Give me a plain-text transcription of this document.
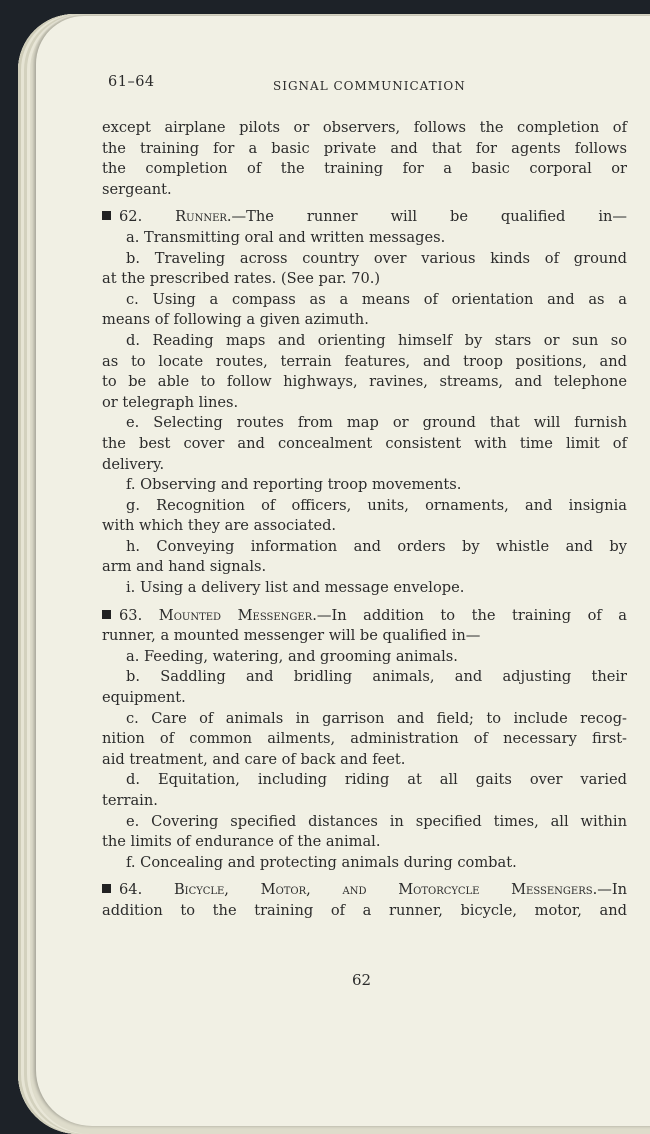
61–64	SIGNAL COMMUNICATION
except airplane pilots or observers, follows the completion of
the training for a basic private and that for agents follows
the completion of the training for a basic corporal or
sergeant.
62. Runner.—The runner will be qualified in—
a. Transmitting oral and written messages.
b. Traveling across country over various kinds of ground
at the prescribed rates. (See par. 70.)
c. Using a compass as a means of orientation and as a
means of following a given azimuth.
d. Reading maps and orienting himself by stars or sun so
as to locate routes, terrain features, and troop positions, and
to be able to follow highways, ravines, streams, and telephone
or telegraph lines.
e. Selecting routes from map or ground that will furnish
the best cover and concealment consistent with time limit of
delivery.
f. Observing and reporting troop movements.
g. Recognition of officers, units, ornaments, and insignia
with which they are associated.
h. Conveying information and orders by whistle and by
arm and hand signals.
i. Using a delivery list and message envelope.
63. Mounted Messenger.—In addition to the training of a
runner, a mounted messenger will be qualified in—
a. Feeding, watering, and grooming animals.
b. Saddling and bridling animals, and adjusting their
equipment.
c. Care of animals in garrison and field; to include recog-
nition of common ailments, administration of necessary first-
aid treatment, and care of back and feet.
d. Equitation, including riding at all gaits over varied
terrain.
e. Covering specified distances in specified times, all within
the limits of endurance of the animal.
f. Concealing and protecting animals during combat.
64. Bicycle, Motor, and Motorcycle Messengers.—In
addition to the training of a runner, bicycle, motor, and
62
